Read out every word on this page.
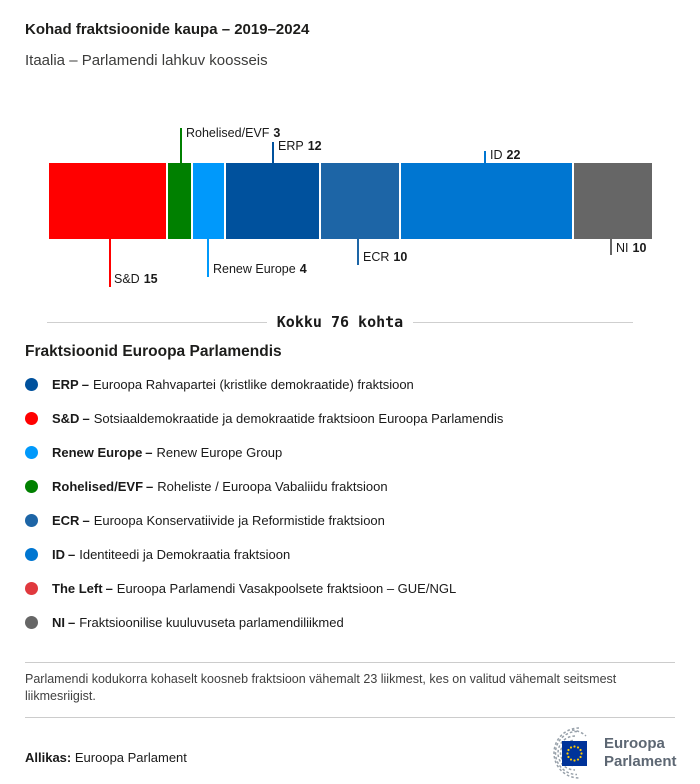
Kohad fraktsioonide kaupa – 2019–2024
Itaalia – Parlamendi lahkuv koosseis
Rohelised/EVF 3
ERP 12
ID 22
S&D 15
Renew Europe 4
ECR 10
NI 10
Kokku 76 kohta
Fraktsioonid Euroopa Parlamendis
ERP – Euroopa Rahvapartei (kristlike demokraatide) fraktsioon
S&D – Sotsiaaldemokraatide ja demokraatide fraktsioon Euroopa Parlamendis
Renew Europe – Renew Europe Group
Rohelised/EVF – Roheliste / Euroopa Vabaliidu fraktsioon
ECR – Euroopa Konservatiivide ja Reformistide fraktsioon
ID – Identiteedi ja Demokraatia fraktsioon
The Left – Euroopa Parlamendi Vasakpoolsete fraktsioon – GUE/NGL
NI – Fraktsioonilise kuuluvuseta parlamendiliikmed
Parlamendi kodukorra kohaselt koosneb fraktsioon vähemalt 23 liikmest, kes on valitud vähemalt seitsmest liikmesriigist.
Allikas: Euroopa Parlament
Euroopa
Parlament
